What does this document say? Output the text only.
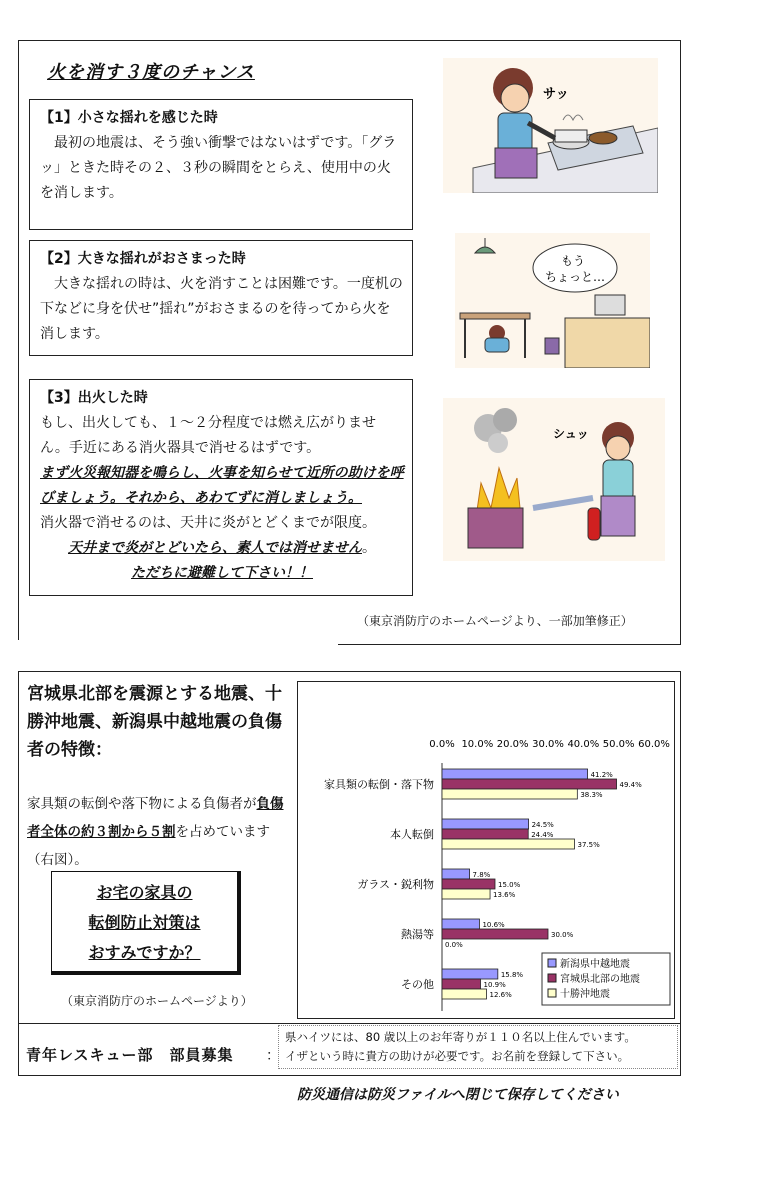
火を消す３度のチャンス
【1】小さな揺れを感じた時
最初の地震は、そう強い衝撃ではないはずです。「グラッ」ときた時その２、３秒の瞬間をとらえ、使用中の火を消します。
【2】大きな揺れがおさまった時
大きな揺れの時は、火を消すことは困難です。一度机の下などに身を伏せ”揺れ”がおさまるのを待ってから火を消します。
【3】出火した時
もし、出火しても、１～２分程度では燃え広がりません。手近にある消火器具で消せるはずです。
まず火災報知器を鳴らし、火事を知らせて近所の助けを呼びましょう。それから、あわてずに消しましょう。
消火器で消せるのは、天井に炎がとどくまでが限度。
天井まで炎がとどいたら、素人では消せません。
ただちに避難して下さい！！
サッ
もう
ちょっと…
シュッ
（東京消防庁のホームページより、一部加筆修正）
宮城県北部を震源とする地震、十勝沖地震、新潟県中越地震の負傷者の特徴：
家具類の転倒や落下物による負傷者が負傷者全体の約３割から５割を占めています（右図）。
お宅の家具の
転倒防止対策は
おすみですか？
（東京消防庁のホームページより）
0.0% 10.0% 20.0% 30.0% 40.0% 50.0% 60.0%
家具類の転倒・落下物
41.2%
49.4%
38.3%
本人転倒
24.5%
24.4%
37.5%
ガラス・鋭利物
7.8%
15.0%
13.6%
熱湯等
10.6%
30.0%
0.0%
その他
15.8%
10.9%
12.6%
新潟県中越地震
宮城県北部の地震
十勝沖地震
青年レスキュー部　部員募集 ：
県ハイツには、80 歳以上のお年寄りが１１０名以上住んでいます。
イザという時に貴方の助けが必要です。お名前を登録して下さい。
防災通信は防災ファイルへ閉じて保存してください
